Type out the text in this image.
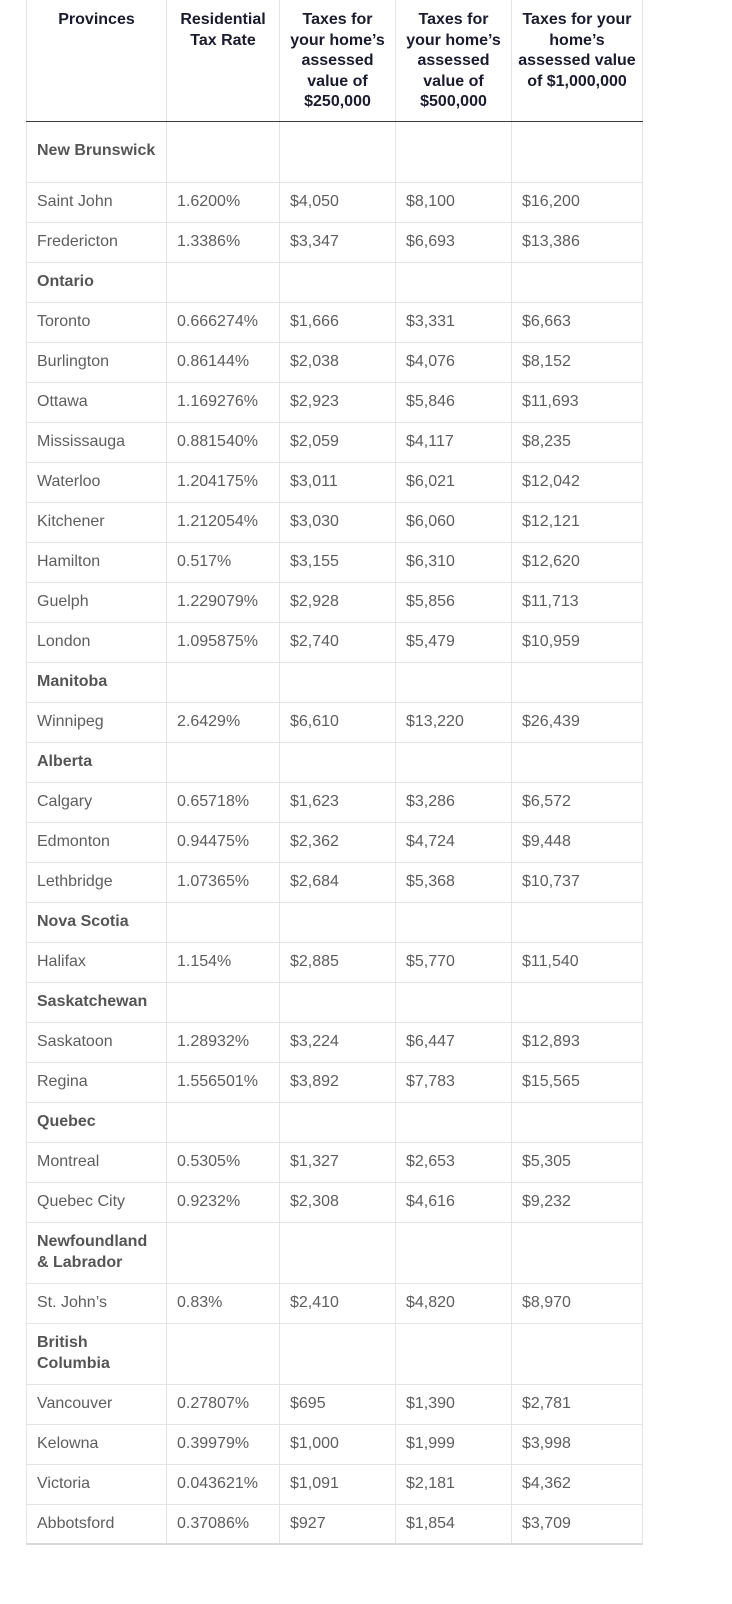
Provinces	Residential Tax Rate	Taxes for your home’s assessed value of $250,000	Taxes for your home’s assessed value of $500,000	Taxes for your home’s assessed value of $1,000,000
New Brunswick				
Saint John	1.6200%	$4,050	$8,100	$16,200
Fredericton	1.3386%	$3,347	$6,693	$13,386
Ontario				
Toronto	0.666274%	$1,666	$3,331	$6,663
Burlington	0.86144%	$2,038	$4,076	$8,152
Ottawa	1.169276%	$2,923	$5,846	$11,693
Mississauga	0.881540%	$2,059	$4,117	$8,235
Waterloo	1.204175%	$3,011	$6,021	$12,042
Kitchener	1.212054%	$3,030	$6,060	$12,121
Hamilton	0.517%	$3,155	$6,310	$12,620
Guelph	1.229079%	$2,928	$5,856	$11,713
London	1.095875%	$2,740	$5,479	$10,959
Manitoba				
Winnipeg	2.6429%	$6,610	$13,220	$26,439
Alberta				
Calgary	0.65718%	$1,623	$3,286	$6,572
Edmonton	0.94475%	$2,362	$4,724	$9,448
Lethbridge	1.07365%	$2,684	$5,368	$10,737
Nova Scotia				
Halifax	1.154%	$2,885	$5,770	$11,540
Saskatchewan				
Saskatoon	1.28932%	$3,224	$6,447	$12,893
Regina	1.556501%	$3,892	$7,783	$15,565
Quebec				
Montreal	0.5305%	$1,327	$2,653	$5,305
Quebec City	0.9232%	$2,308	$4,616	$9,232
Newfoundland & Labrador				
St. John’s	0.83%	$2,410	$4,820	$8,970
British Columbia				
Vancouver	0.27807%	$695	$1,390	$2,781
Kelowna	0.39979%	$1,000	$1,999	$3,998
Victoria	0.043621%	$1,091	$2,181	$4,362
Abbotsford	0.37086%	$927	$1,854	$3,709
